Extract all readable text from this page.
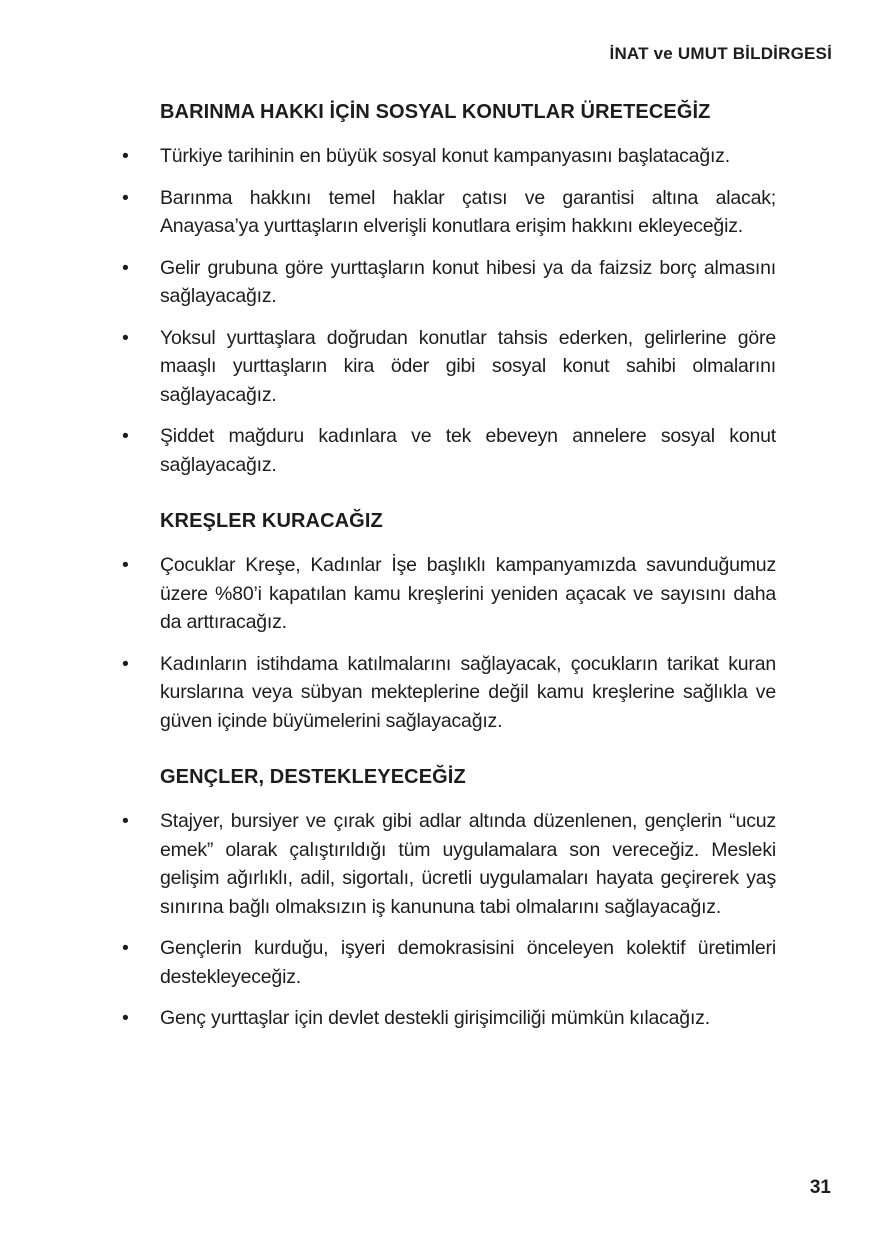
İNAT ve UMUT BİLDİRGESİ
BARINMA HAKKI İÇİN SOSYAL KONUTLAR ÜRETECEĞİZ
• Türkiye tarihinin en büyük sosyal konut kampanyasını başlatacağız.
• Barınma hakkını temel haklar çatısı ve garantisi altına alacak; Anayasa’ya yurttaşların elverişli konutlara erişim hakkını ekleyeceğiz.
• Gelir grubuna göre yurttaşların konut hibesi ya da faizsiz borç almasını sağlayacağız.
• Yoksul yurttaşlara doğrudan konutlar tahsis ederken, gelirlerine göre maaşlı yurttaşların kira öder gibi sosyal konut sahibi olmalarını sağlayacağız.
• Şiddet mağduru kadınlara ve tek ebeveyn annelere sosyal konut sağlayacağız.
KREŞLER KURACAĞIZ
• Çocuklar Kreşe, Kadınlar İşe başlıklı kampanyamızda savunduğumuz üzere %80’i kapatılan kamu kreşlerini yeniden açacak ve sayısını daha da arttıracağız.
• Kadınların istihdama katılmalarını sağlayacak, çocukların tarikat kuran kurslarına veya sübyan mekteplerine değil kamu kreşlerine sağlıkla ve güven içinde büyümelerini sağlayacağız.
GENÇLER, DESTEKLEYECEĞİZ
• Stajyer, bursiyer ve çırak gibi adlar altında düzenlenen, gençlerin “ucuz emek” olarak çalıştırıldığı tüm uygulamalara son vereceğiz. Mesleki gelişim ağırlıklı, adil, sigortalı, ücretli uygulamaları hayata geçirerek yaş sınırına bağlı olmaksızın iş kanununa tabi olmalarını sağlayacağız.
• Gençlerin kurduğu, işyeri demokrasisini önceleyen kolektif üretimleri destekleyeceğiz.
• Genç yurttaşlar için devlet destekli girişimciliği mümkün kılacağız.
31
